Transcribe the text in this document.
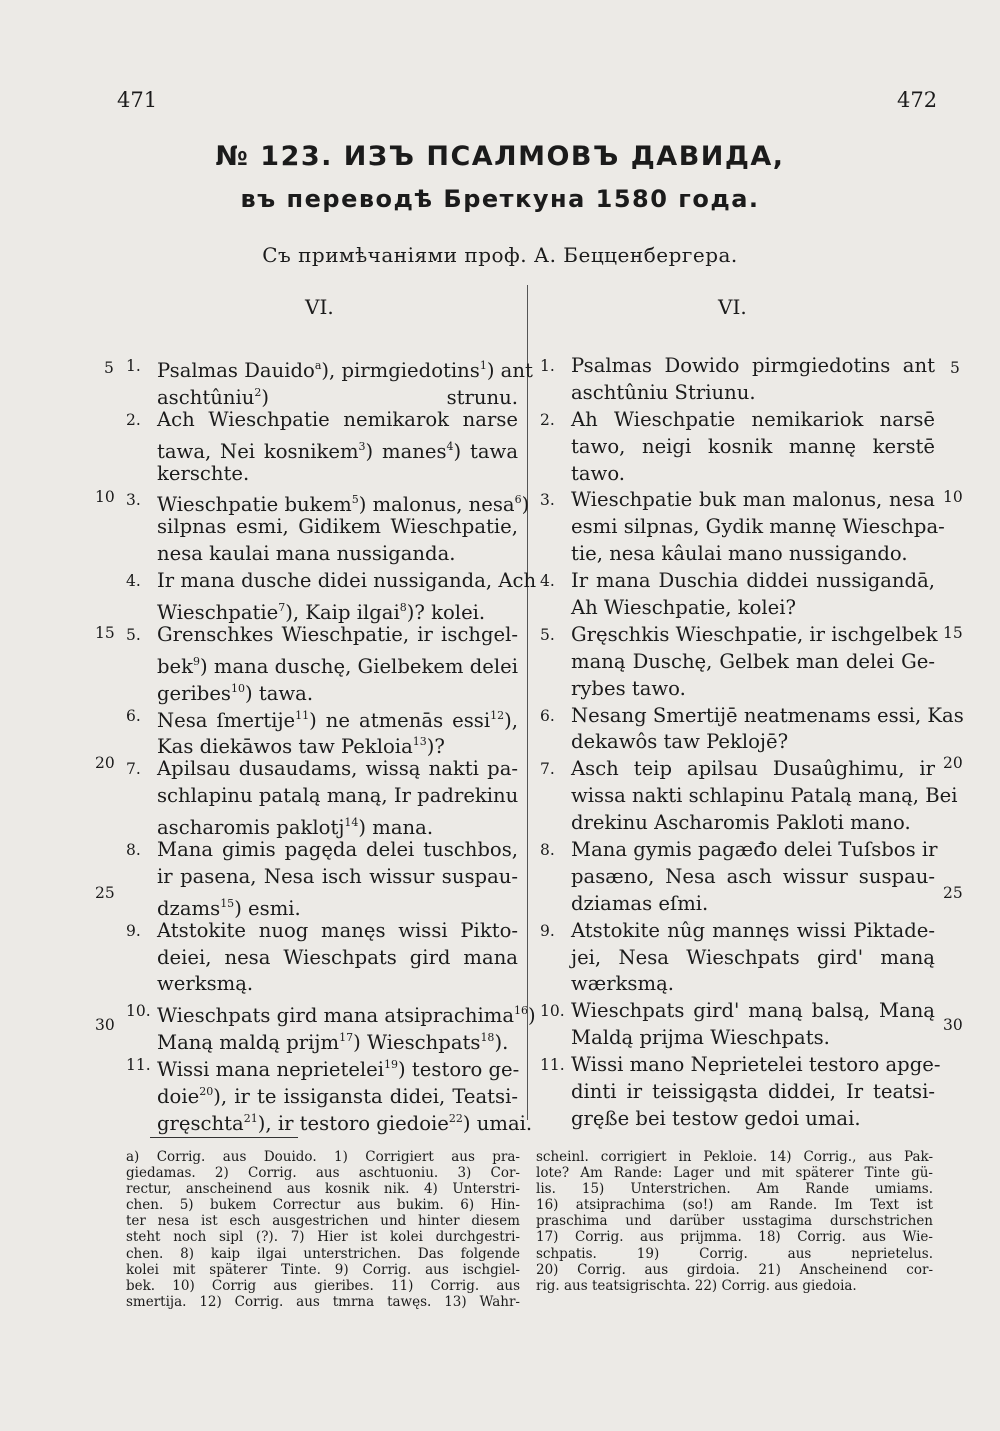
471	472
№ 123. ИЗЪ ПСАЛМОВЪ ДАВИДА,
въ переводѣ Бреткуна 1580 года.
Съ примѣчаніями проф. А. Бецценбергера.
VI.	VI.
1. Psalmas Dauido$^a$), pirmgiedotins$^1$) ant
aschtûniu$^2$) strunu.
2. Ach Wieschpatie nemikarok narse
tawa, Nei kosnikem$^3$) manes$^4$) tawa
kerschte.
3. Wieschpatie bukem$^5$) malonus, nesa$^6$)
silpnas esmi, Gidikem Wieschpatie,
nesa kaulai mana nussiganda.
4. Ir mana dusche didei nussiganda, Ach
Wieschpatie$^7$), Kaip ilgai$^8$)? kolei.
5. Grenschkes Wieschpatie, ir ischgel-
bek$^9$) mana duschę, Gielbekem delei
geribes$^{10}$) tawa.
6. Nesa ſmertije$^{11}$) ne atmenās essi$^{12}$),
Kas diekāwos taw Pekloia$^{13}$)?
7. Apilsau dusaudams, wissą nakti pa-
schlapinu patalą maną, Ir padrekinu
ascharomis paklotj$^{14}$) mana.
8. Mana gimis pagęda delei tuschbos,
ir pasena, Nesa isch wissur suspau-
dzams$^{15}$) esmi.
9. Atstokite nuog manęs wissi Pikto-
deiei, nesa Wieschpats gird mana
werksmą.
10. Wieschpats gird mana atsiprachima$^{16}$)
Maną maldą prijm$^{17}$) Wieschpats$^{18}$).
11. Wissi mana neprietelei$^{19}$) testoro ge-
doie$^{20}$), ir te issigansta didei, Teatsi-
gręschta$^{21}$), ir testoro giedoie$^{22}$) umai.
1. Psalmas Dowido pirmgiedotins ant
aschtûniu Striunu.
2. Ah Wieschpatie nemikariok narsē
tawo, neigi kosnik mannę kerstē
tawo.
3. Wieschpatie buk man malonus, nesa
esmi silpnas, Gydik mannę Wieschpa-
tie, nesa kâulai mano nussigando.
4. Ir mana Duschia diddei nussigandā,
Ah Wieschpatie, kolei?
5. Gręschkis Wieschpatie, ir ischgelbek
maną Duschę, Gelbek man delei Ge-
rybes tawo.
6. Nesang Smertijē neatmenams essi, Kas
dekawôs taw Peklojē?
7. Asch teip apilsau Dusaûghimu, ir
wissa nakti schlapinu Patalą maną, Bei
drekinu Ascharomis Pakloti mano.
8. Mana gymis pagæđo delei Tuſsbos ir
pasæno, Nesa asch wissur suspau-
dziamas eſmi.
9. Atstokite nûg mannęs wissi Piktade-
jei, Nesa Wieschpats gird' maną
wærksmą.
10. Wieschpats gird' maną balsą, Maną
Maldą prijma Wieschpats.
11. Wissi mano Neprietelei testoro apge-
dinti ir teissigąsta diddei, Ir teatsi-
gręße bei testow gedoi umai.
5
10
15
20
25
30
5
10
15
20
25
30
a) Corrig. aus Douido. 1) Corrigiert aus pra-
giedamas. 2) Corrig. aus aschtuoniu. 3) Cor-
rectur, anscheinend aus kosnik nik. 4) Unterstri-
chen. 5) bukem Correctur aus bukim. 6) Hin-
ter nesa ist esch ausgestrichen und hinter diesem
steht noch sipl (?). 7) Hier ist kolei durchgestri-
chen. 8) kaip ilgai unterstrichen. Das folgende
kolei mit späterer Tinte. 9) Corrig. aus ischgiel-
bek. 10) Corrig aus gieribes. 11) Corrig. aus
smertija. 12) Corrig. aus tmrna tawęs. 13) Wahr-
scheinl. corrigiert in Pekloie. 14) Corrig., aus Pak-
lote? Am Rande: Lager und mit späterer Tinte gü-
lis. 15) Unterstrichen. Am Rande umiams.
16) atsiprachima (so!) am Rande. Im Text ist
praschima und darüber usstagima durschstrichen
17) Corrig. aus prijmma. 18) Corrig. aus Wie-
schpatis. 19) Corrig. aus neprietelus.
20) Corrig. aus girdoia. 21) Anscheinend cor-
rig. aus teatsigrischta. 22) Corrig. aus giedoia.
